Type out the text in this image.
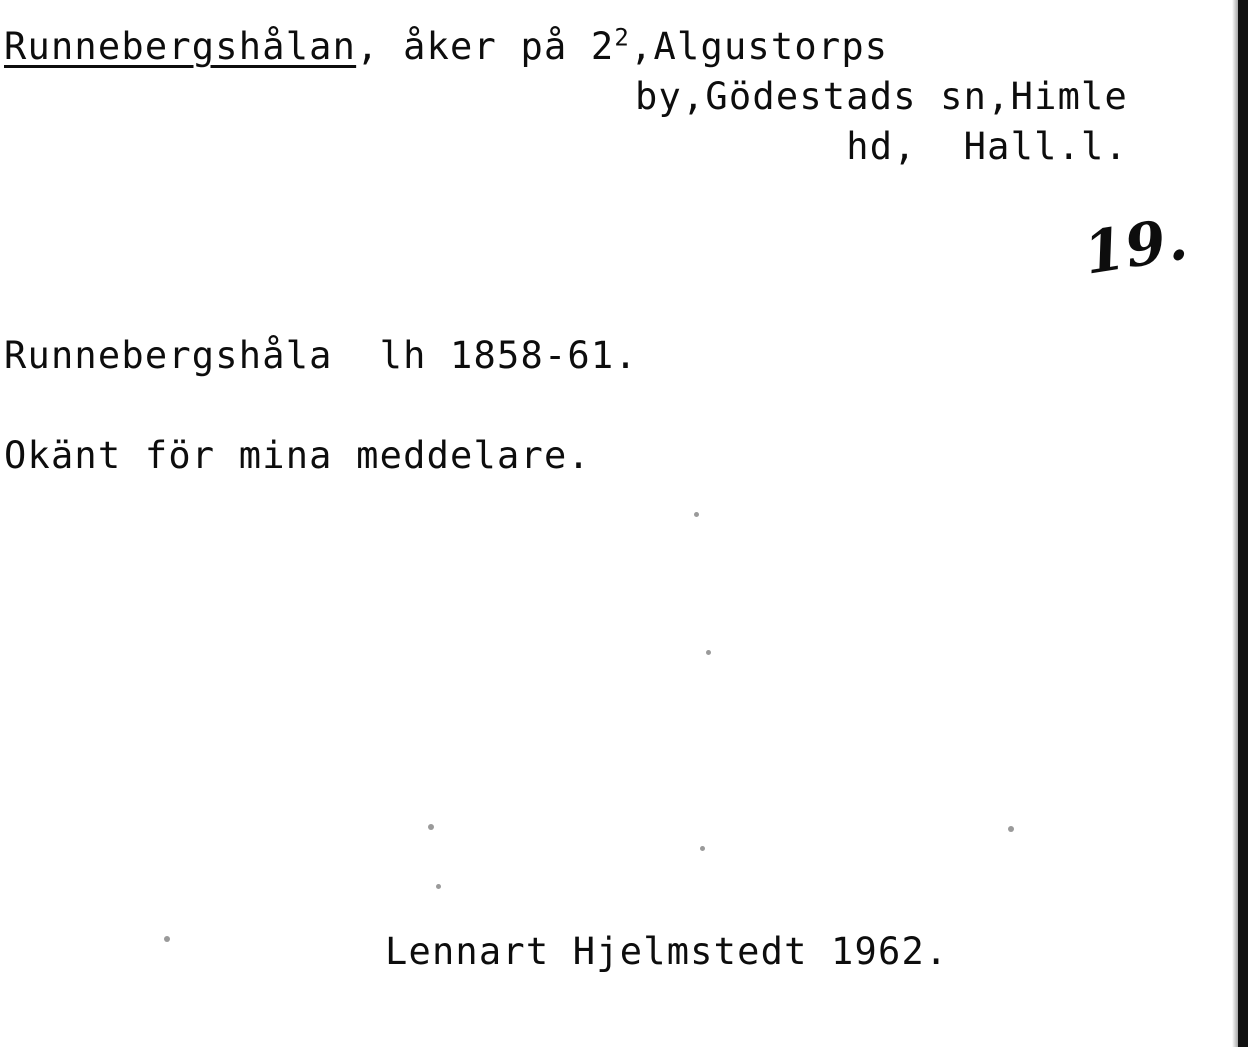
Runnebergshålan, åker på $2^2,Algustorps$
by,Gödestads sn,Himle
hd,  Hall.l.
19.
Runnebergshåla  lh 1858-61.
Okänt för mina meddelare.
Lennart Hjelmstedt 1962.
